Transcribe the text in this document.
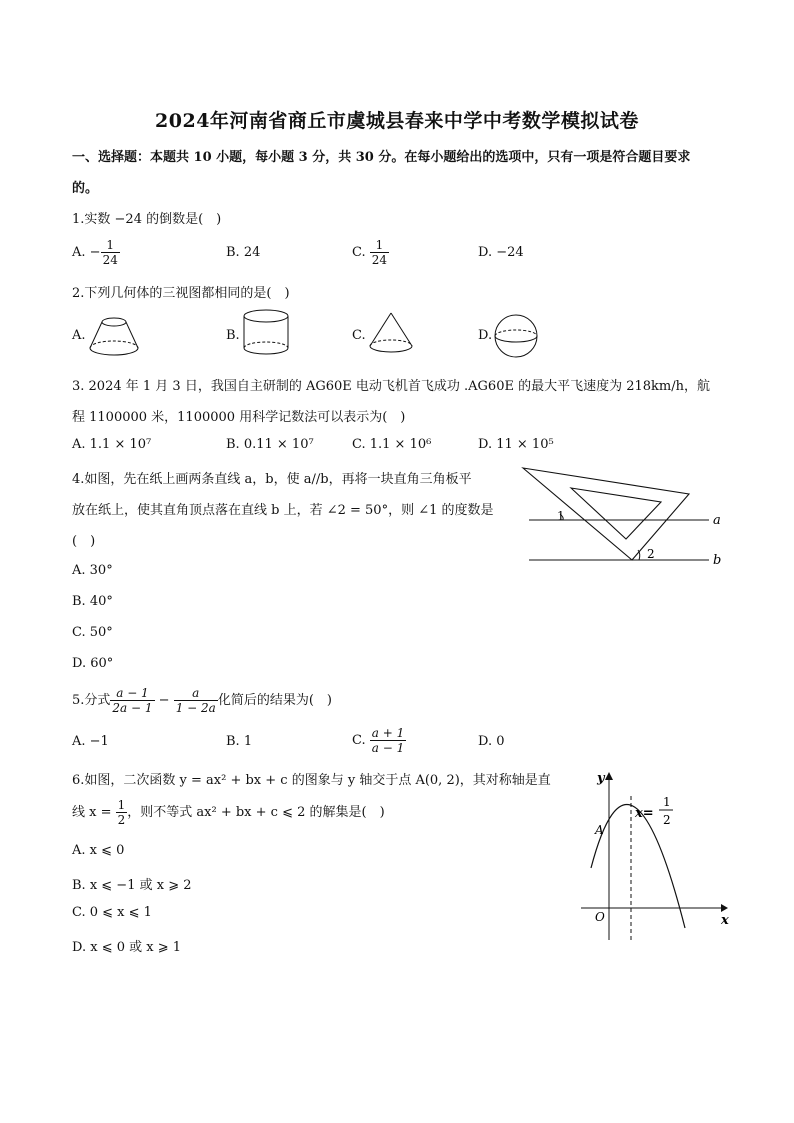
2024年河南省商丘市虞城县春来中学中考数学模拟试卷
一、选择题：本题共 10 小题，每小题 3 分，共 30 分。在每小题给出的选项中，只有一项是符合题目要求
的。
1.实数 −24 的倒数是(　)
A. − $\frac{1}{24}$	B. 24	C. $\frac{1}{24}$	D. −24
2.下列几何体的三视图都相同的是(　)
A.	B.	C.	D.
3. 2024 年 1 月 3 日，我国自主研制的 AG60E 电动飞机首飞成功 .AG60E 的最大平飞速度为 218km/h，航
程 1100000 米，1100000 用科学记数法可以表示为(　)
A. 1.1 × 10⁷	B. 0.11 × 10⁷	C. 1.1 × 10⁶	D. 11 × 10⁵
4.如图，先在纸上画两条直线 a，b，使 a//b，再将一块直角三角板平
放在纸上，使其直角顶点落在直线 b 上，若 ∠2 = 50°，则 ∠1 的度数是
(　)
A. 30°
B. 40°
C. 50°
D. 60°
a
b
1
2
5.分式 $\frac{a - 1}{2a - 1} - \frac{a}{1 - 2a}$ 化简后的结果为(　)
A. −1	B. 1	C. $\frac{a + 1}{a - 1}$	D. 0
6.如图，二次函数 y = ax² + bx + c 的图象与 y 轴交于点 A(0, 2)，其对称轴是直
线 $x = \frac{1}{2}$ ，则不等式 ax² + bx + c ⩽ 2 的解集是(　)
A. x ⩽ 0
B. x ⩽ −1 或 x ⩾ 2
C. 0 ⩽ x ⩽ 1
D. x ⩽ 0 或 x ⩾ 1
y
x
O
A
x=
1
2
